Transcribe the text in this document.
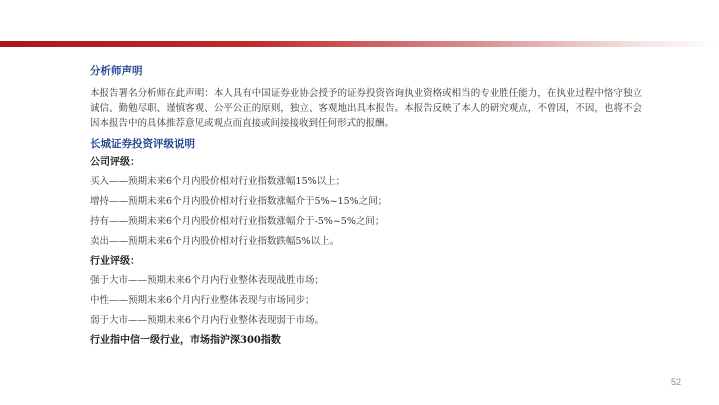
分析师声明

本报告署名分析师在此声明：本人具有中国证券业协会授予的证券投资咨询执业资格或相当的专业胜任能力，在执业过程中恪守独立诚信、勤勉尽职、谨慎客观、公平公正的原则，独立、客观地出具本报告。本报告反映了本人的研究观点，不曾因，不因，也将不会因本报告中的具体推荐意见或观点而直接或间接接收到任何形式的报酬。

长城证券投资评级说明

公司评级：

买入——预期未来6个月内股价相对行业指数涨幅15%以上；

增持——预期未来6个月内股价相对行业指数涨幅介于5%~15%之间；

持有——预期未来6个月内股价相对行业指数涨幅介于-5%~5%之间；

卖出——预期未来6个月内股价相对行业指数跌幅5%以上。

行业评级：

强于大市——预期未来6个月内行业整体表现战胜市场；

中性——预期未来6个月内行业整体表现与市场同步；

弱于大市——预期未来6个月内行业整体表现弱于市场。

行业指中信一级行业，市场指沪深300指数

52
